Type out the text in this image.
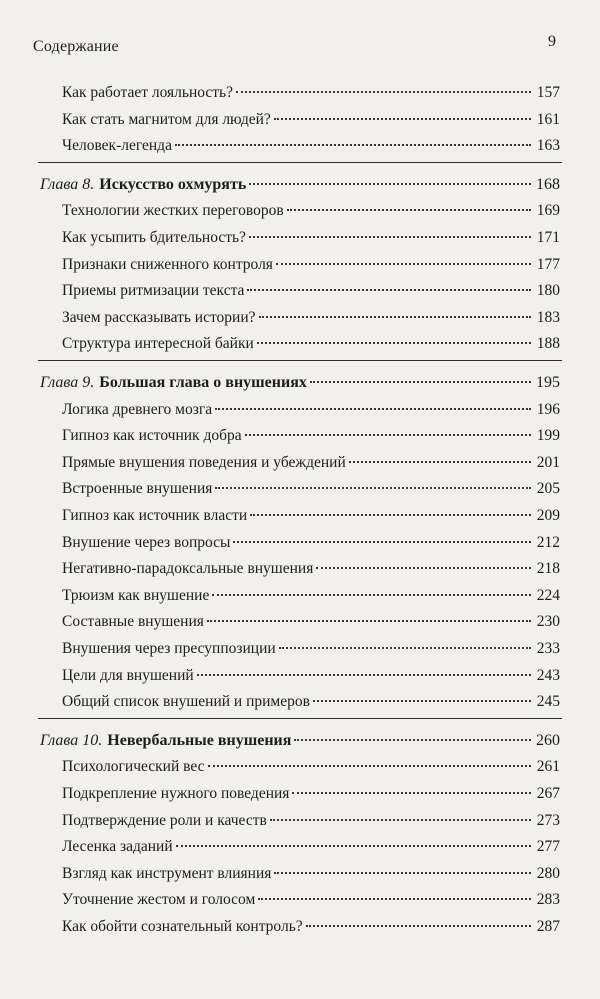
Содержание	9
Как работает лояльность?	157
Как стать магнитом для людей?	161
Человек-легенда	163
Глава 8. Искусство охмурять	168
Технологии жестких переговоров	169
Как усыпить бдительность?	171
Признаки сниженного контроля	177
Приемы ритмизации текста	180
Зачем рассказывать истории?	183
Структура интересной байки	188
Глава 9. Большая глава о внушениях	195
Логика древнего мозга	196
Гипноз как источник добра	199
Прямые внушения поведения и убеждений	201
Встроенные внушения	205
Гипноз как источник власти	209
Внушение через вопросы	212
Негативно-парадоксальные внушения	218
Трюизм как внушение	224
Составные внушения	230
Внушения через пресуппозиции	233
Цели для внушений	243
Общий список внушений и примеров	245
Глава 10. Невербальные внушения	260
Психологический вес	261
Подкрепление нужного поведения	267
Подтверждение роли и качеств	273
Лесенка заданий	277
Взгляд как инструмент влияния	280
Уточнение жестом и голосом	283
Как обойти сознательный контроль?	287
